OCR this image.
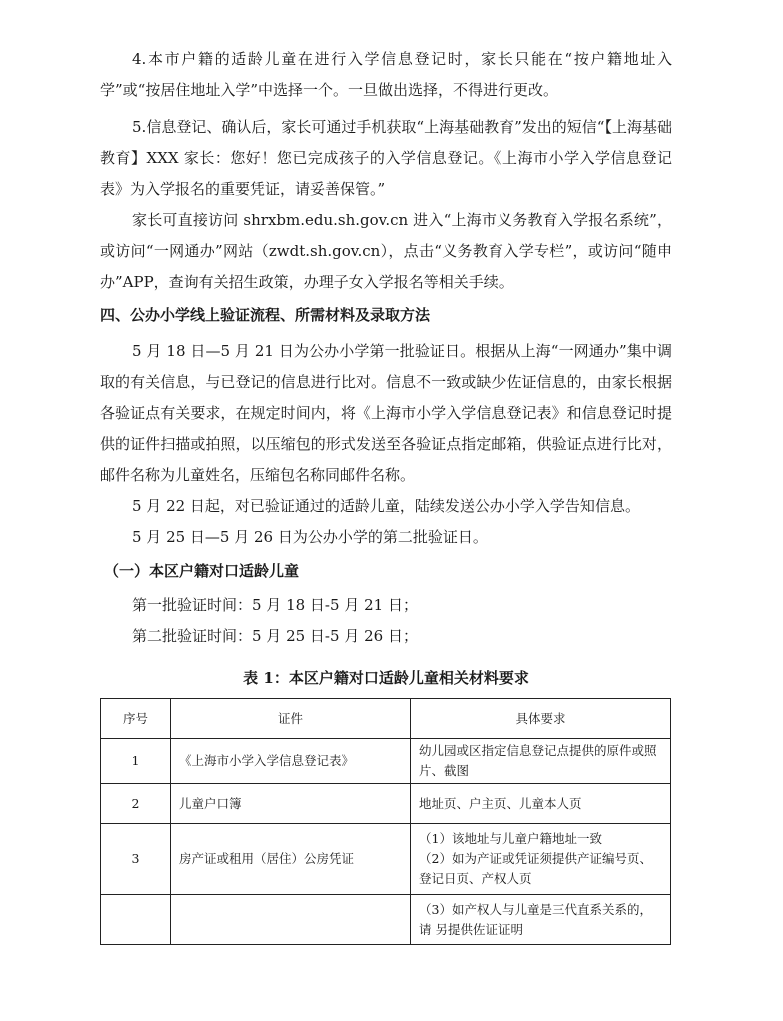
4.本市户籍的适龄儿童在进行入学信息登记时，家长只能在“按户籍地址入学”或“按居住地址入学”中选择一个。一旦做出选择，不得进行更改。

5.信息登记、确认后，家长可通过手机获取“上海基础教育”发出的短信“【上海基础教育】XXX 家长：您好！您已完成孩子的入学信息登记。《上海市小学入学信息登记表》为入学报名的重要凭证，请妥善保管。”

家长可直接访问 shrxbm.edu.sh.gov.cn 进入“上海市义务教育入学报名系统”，或访问“一网通办”网站（zwdt.sh.gov.cn），点击“义务教育入学专栏”，或访问“随申办”APP，查询有关招生政策，办理子女入学报名等相关手续。

四、公办小学线上验证流程、所需材料及录取方法

5 月 18 日—5 月 21 日为公办小学第一批验证日。根据从上海“一网通办”集中调取的有关信息，与已登记的信息进行比对。信息不一致或缺少佐证信息的，由家长根据各验证点有关要求，在规定时间内，将《上海市小学入学信息登记表》和信息登记时提供的证件扫描或拍照，以压缩包的形式发送至各验证点指定邮箱，供验证点进行比对，邮件名称为儿童姓名，压缩包名称同邮件名称。

5 月 22 日起，对已验证通过的适龄儿童，陆续发送公办小学入学告知信息。

5 月 25 日—5 月 26 日为公办小学的第二批验证日。

（一）本区户籍对口适龄儿童

第一批验证时间：5 月 18 日-5 月 21 日；

第二批验证时间：5 月 25 日-5 月 26 日；

表 1：本区户籍对口适龄儿童相关材料要求

序号	证件	具体要求
1	《上海市小学入学信息登记表》	幼儿园或区指定信息登记点提供的原件或照片、截图

2	儿童户口簿	地址页、户主页、儿童本人页

3	房产证或租用（居住）公房凭证	（1）该地址与儿童户籍地址一致
（2）如为产证或凭证须提供产证编号页、登记日页、产权人页

		（3）如产权人与儿童是三代直系关系的，请 另提供佐证证明
